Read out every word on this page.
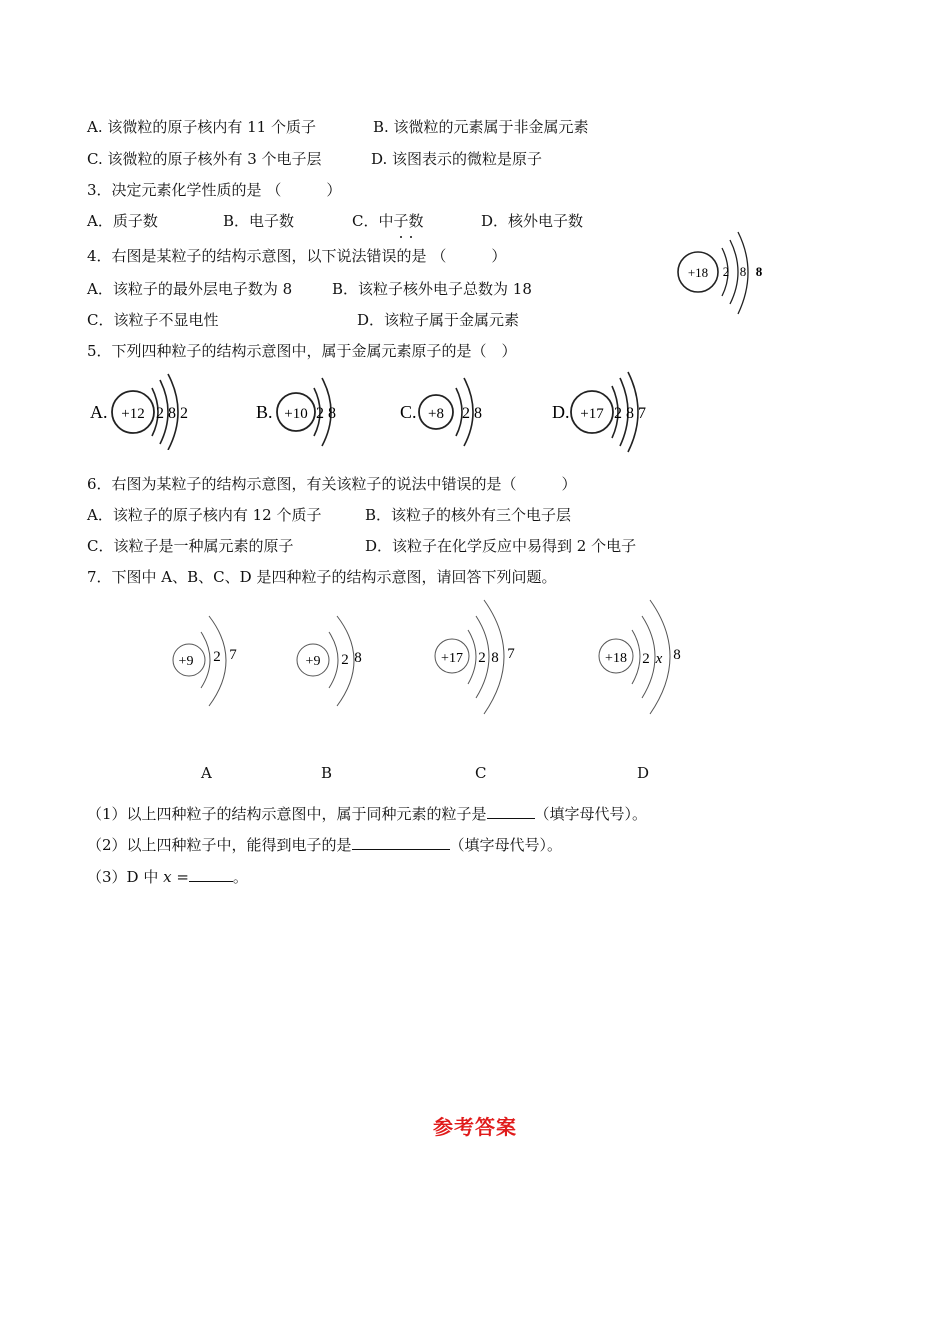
A. 该微粒的原子核内有 11 个质子	B. 该微粒的元素属于非金属元素
C. 该微粒的原子核外有 3 个电子层	D. 该图表示的微粒是原子
3．决定元素化学性质的是 （　　　）
A．质子数	B．电子数	C．中子数	D．核外电子数
4．右图是某粒子的结构示意图，以下说法错误的是 （　　　）
A．该粒子的最外层电子数为 8	B．该粒子核外电子总数为 18
C．该粒子不显电性	D．该粒子属于金属元素
+18 2 8 8
5．下列四种粒子的结构示意图中，属于金属元素原子的是（　）
A. +12 2 8 2	B. +10 2 8	C. +8 2 8	D. +17 2 8 7
6．右图为某粒子的结构示意图，有关该粒子的说法中错误的是（　　　）
A．该粒子的原子核内有 12 个质子	B．该粒子的核外有三个电子层
C．该粒子是一种属元素的原子	D．该粒子在化学反应中易得到 2 个电子
7．下图中 A、B、C、D 是四种粒子的结构示意图，请回答下列问题。
+9 2 7	+9 2 8	+17 2 8 7	+18 2 x 8
A	B	C	D
（1）以上四种粒子的结构示意图中，属于同种元素的粒子是	（填字母代号）。
（2）以上四种粒子中，能得到电子的是	（填字母代号）。
（3）D 中 x =	。
参考答案
